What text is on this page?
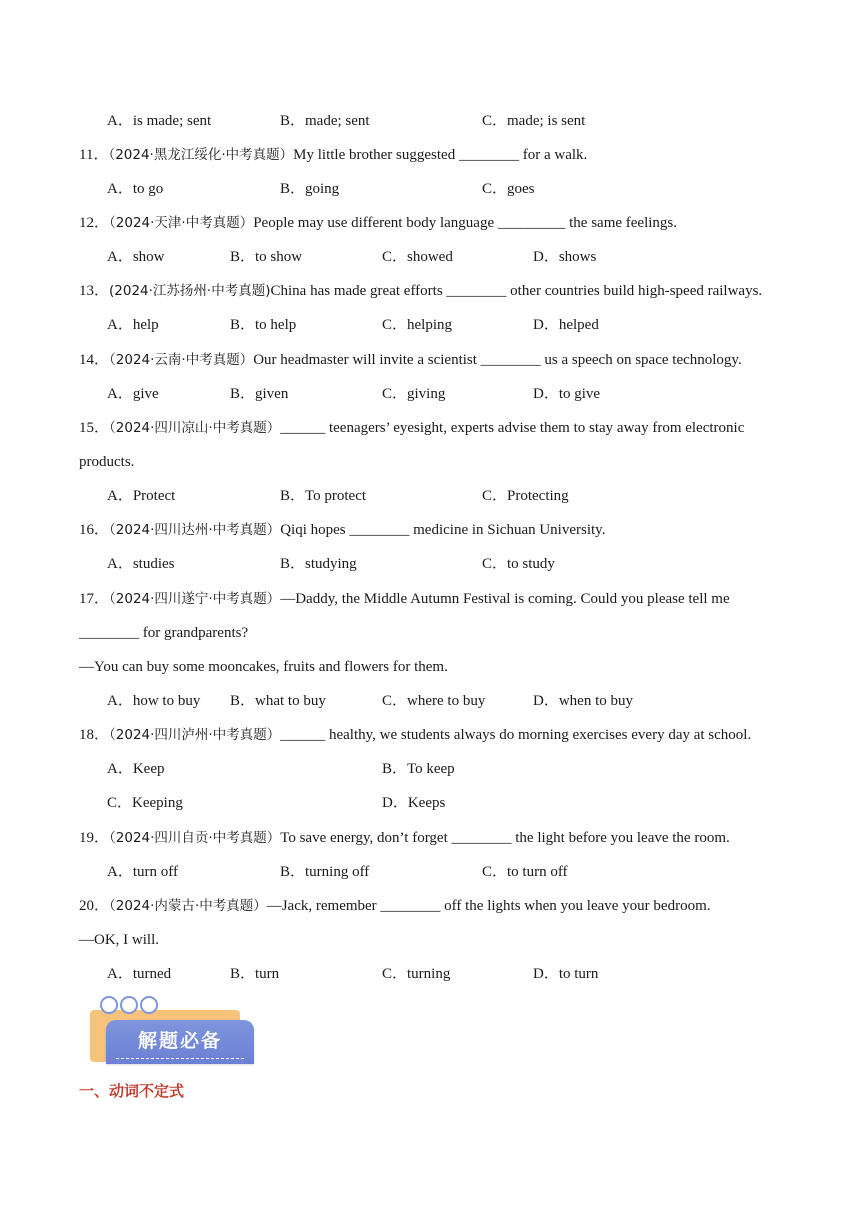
A．is made; sent	B．made; sent	C．made; is sent
11．（2024·黑龙江绥化·中考真题）My little brother suggested ________ for a walk.
A．to go	B．going	C．goes
12．（2024·天津·中考真题）People may use different body language _________ the same feelings.
A．show	B．to show	C．showed	D．shows
13．(2024·江苏扬州·中考真题)China has made great efforts ________ other countries build high-speed railways.
A．help	B．to help	C．helping	D．helped
14．（2024·云南·中考真题）Our headmaster will invite a scientist ________ us a speech on space technology.
A．give	B．given	C．giving	D．to give
15．（2024·四川凉山·中考真题）______ teenagers’ eyesight, experts advise them to stay away from electronic
products.
A．Protect	B．To protect	C．Protecting
16．（2024·四川达州·中考真题）Qiqi hopes ________ medicine in Sichuan University.
A．studies	B．studying	C．to study
17．（2024·四川遂宁·中考真题）—Daddy, the Middle Autumn Festival is coming. Could you please tell me
________ for grandparents?
—You can buy some mooncakes, fruits and flowers for them.
A．how to buy B．what to buy	C．where to buy	D．when to buy
18．（2024·四川泸州·中考真题）______ healthy, we students always do morning exercises every day at school.
A．Keep	B．To keep
C．Keeping	D．Keeps
19．（2024·四川自贡·中考真题）To save energy, don’t forget ________ the light before you leave the room.
A．turn off	B．turning off	C．to turn off
20．（2024·内蒙古·中考真题）—Jack, remember ________ off the lights when you leave your bedroom.
—OK, I will.
A．turned	B．turn	C．turning	D．to turn
解题必备
一、动词不定式
